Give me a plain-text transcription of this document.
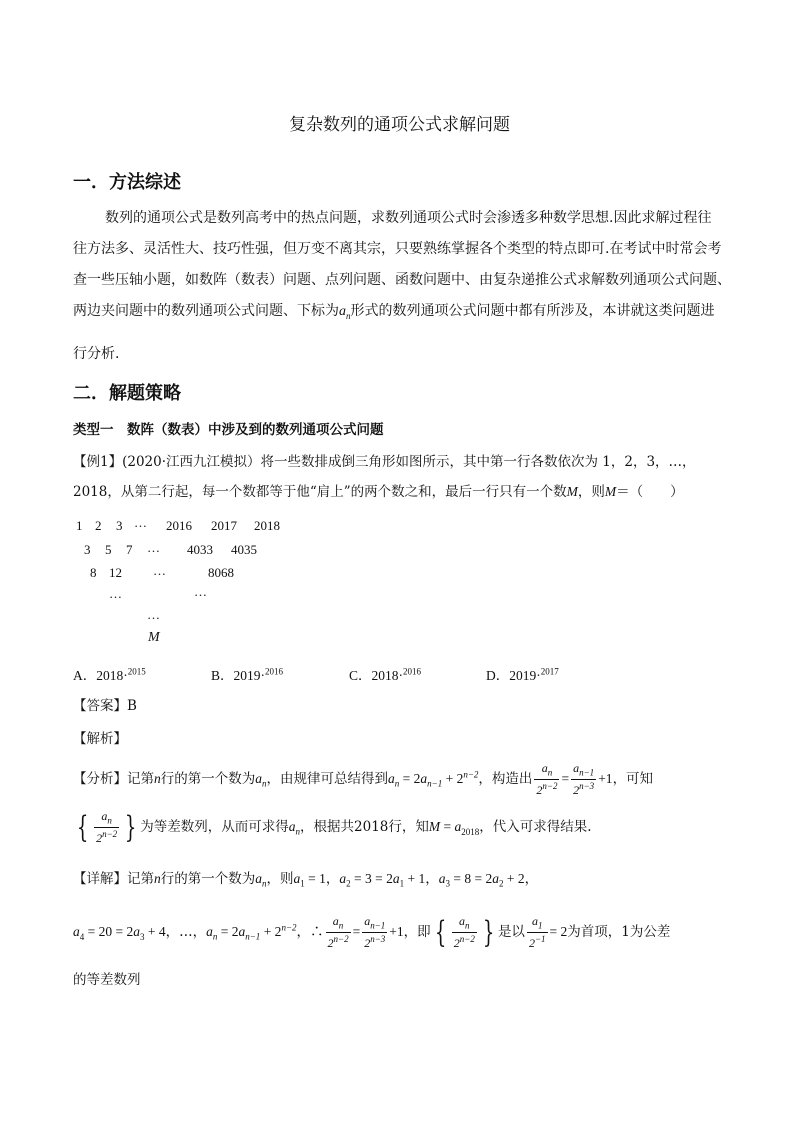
复杂数列的通项公式求解问题
一．方法综述
数列的通项公式是数列高考中的热点问题，求数列通项公式时会渗透多种数学思想.因此求解过程往
往方法多、灵活性大、技巧性强，但万变不离其宗，只要熟练掌握各个类型的特点即可.在考试中时常会考
查一些压轴小题，如数阵（数表）问题、点列问题、函数问题中、由复杂递推公式求解数列通项公式问题、
两边夹问题中的数列通项公式问题、下标为$a_n$形式的数列通项公式问题中都有所涉及，本讲就这类问题进
行分析.
二．解题策略
类型一　数阵（数表）中涉及到的数列通项公式问题
【例1】(2020·江西九江模拟）将一些数排成倒三角形如图所示，其中第一行各数依次为 1，2，3，…，
2018，从第二行起，每一个数都等于他“肩上”的两个数之和，最后一行只有一个数M，则M＝（　　）
1 2 3 … 2016 2017 2018
3 5 7 … 4033 4035
8 12 …	8068
…	…
…
M
A．2018·$^{2015}$	B．2019·$^{2016}$	C．2018·$^{2016}$	D．2019·$^{2017}$
【答案】B
【解析】
【分析】记第n行的第一个数为$a_n$，由规律可总结得到$a_n = 2a_{n-1} + 2^{n-2}$，构造出 $\frac{a_n}{2^{n-2}} = \frac{a_{n-1}}{2^{n-3}} +1$，可知
{ $\frac{a_n}{2^{n-2}}$ } 为等差数列，从而可求得$a_n$，根据共2018行，知$M = a_{2018}$，代入可求得结果.
【详解】记第n行的第一个数为$a_n$，则$a_1 = 1$，$a_2 = 3 = 2a_1 + 1$，$a_3 = 8 = 2a_2 + 2$，
$a_4 = 20 = 2a_3 + 4$，…，$a_n = 2a_{n-1} + 2^{n-2}$，∴ $\frac{a_n}{2^{n-2}} = \frac{a_{n-1}}{2^{n-3}} +1$，即 { $\frac{a_n}{2^{n-2}}$ } 是以 $\frac{a_1}{2^{-1}} = 2$为首项，1为公差
的等差数列
